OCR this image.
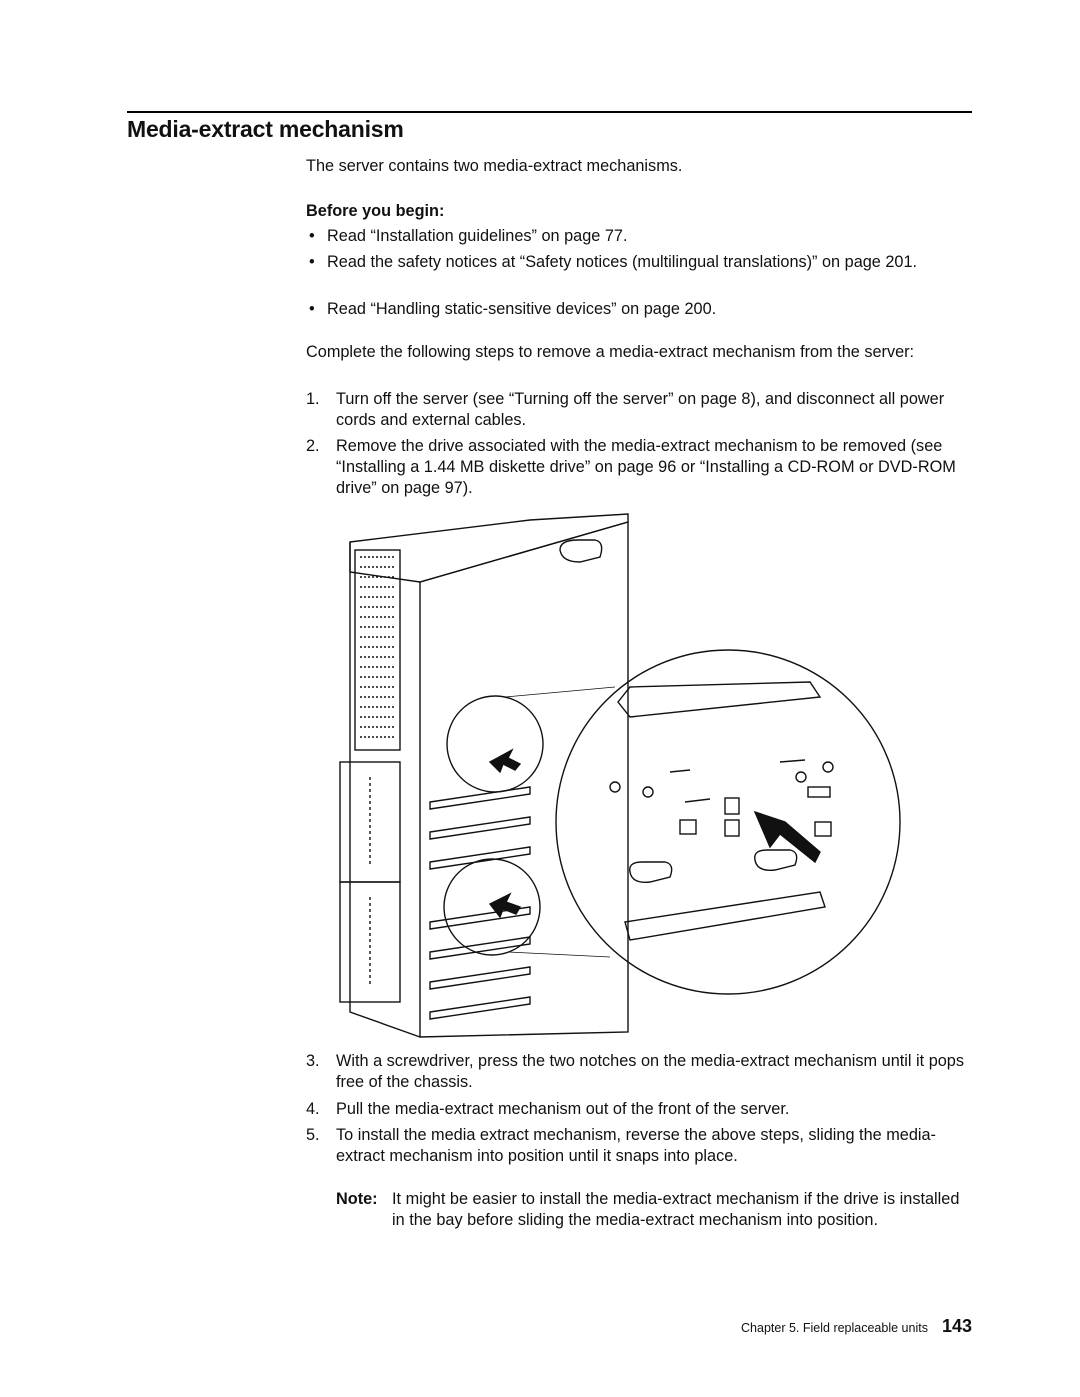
Media-extract mechanism

The server contains two media-extract mechanisms.

Before you begin:

• Read “Installation guidelines” on page 77.
• Read the safety notices at “Safety notices (multilingual translations)” on page 201.
• Read “Handling static-sensitive devices” on page 200.

Complete the following steps to remove a media-extract mechanism from the server:

1. Turn off the server (see “Turning off the server” on page 8), and disconnect all power cords and external cables.
2. Remove the drive associated with the media-extract mechanism to be removed (see “Installing a 1.44 MB diskette drive” on page 96 or “Installing a CD-ROM or DVD-ROM drive” on page 97).
3. With a screwdriver, press the two notches on the media-extract mechanism until it pops free of the chassis.
4. Pull the media-extract mechanism out of the front of the server.
5. To install the media extract mechanism, reverse the above steps, sliding the media-extract mechanism into position until it snaps into place.
Note: It might be easier to install the media-extract mechanism if the drive is installed in the bay before sliding the media-extract mechanism into position.
Chapter 5. Field replaceable units 143
